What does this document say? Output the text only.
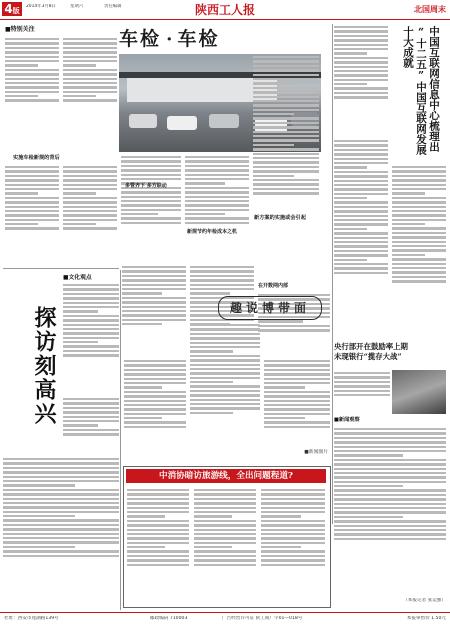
4版
2014年3月8日	星期六	责任编辑	陕西工人报	北国周末
■特别关注	车检 · 车检
实施车检新规的背后
多管齐下 多方联动
新规节约年检成本之机
中国互联网信息中心梳理出
“十二五”中国互联网发展十大成就
新方案的实施或会引起
在开数网内部
■文化观点
探访刻高兴	趣说博带面
中消协暗访旅游线，全出问题程道?
央行部开在鼓励率上期
未现银行“揽存大战”
■新闻观察
（本报记者 张运强）
■新闻图片
社址：西安市莲湖路139号	邮政编码 710003	广告经营许可证 陕工商广字01—018号	本报零售价 1.50元
